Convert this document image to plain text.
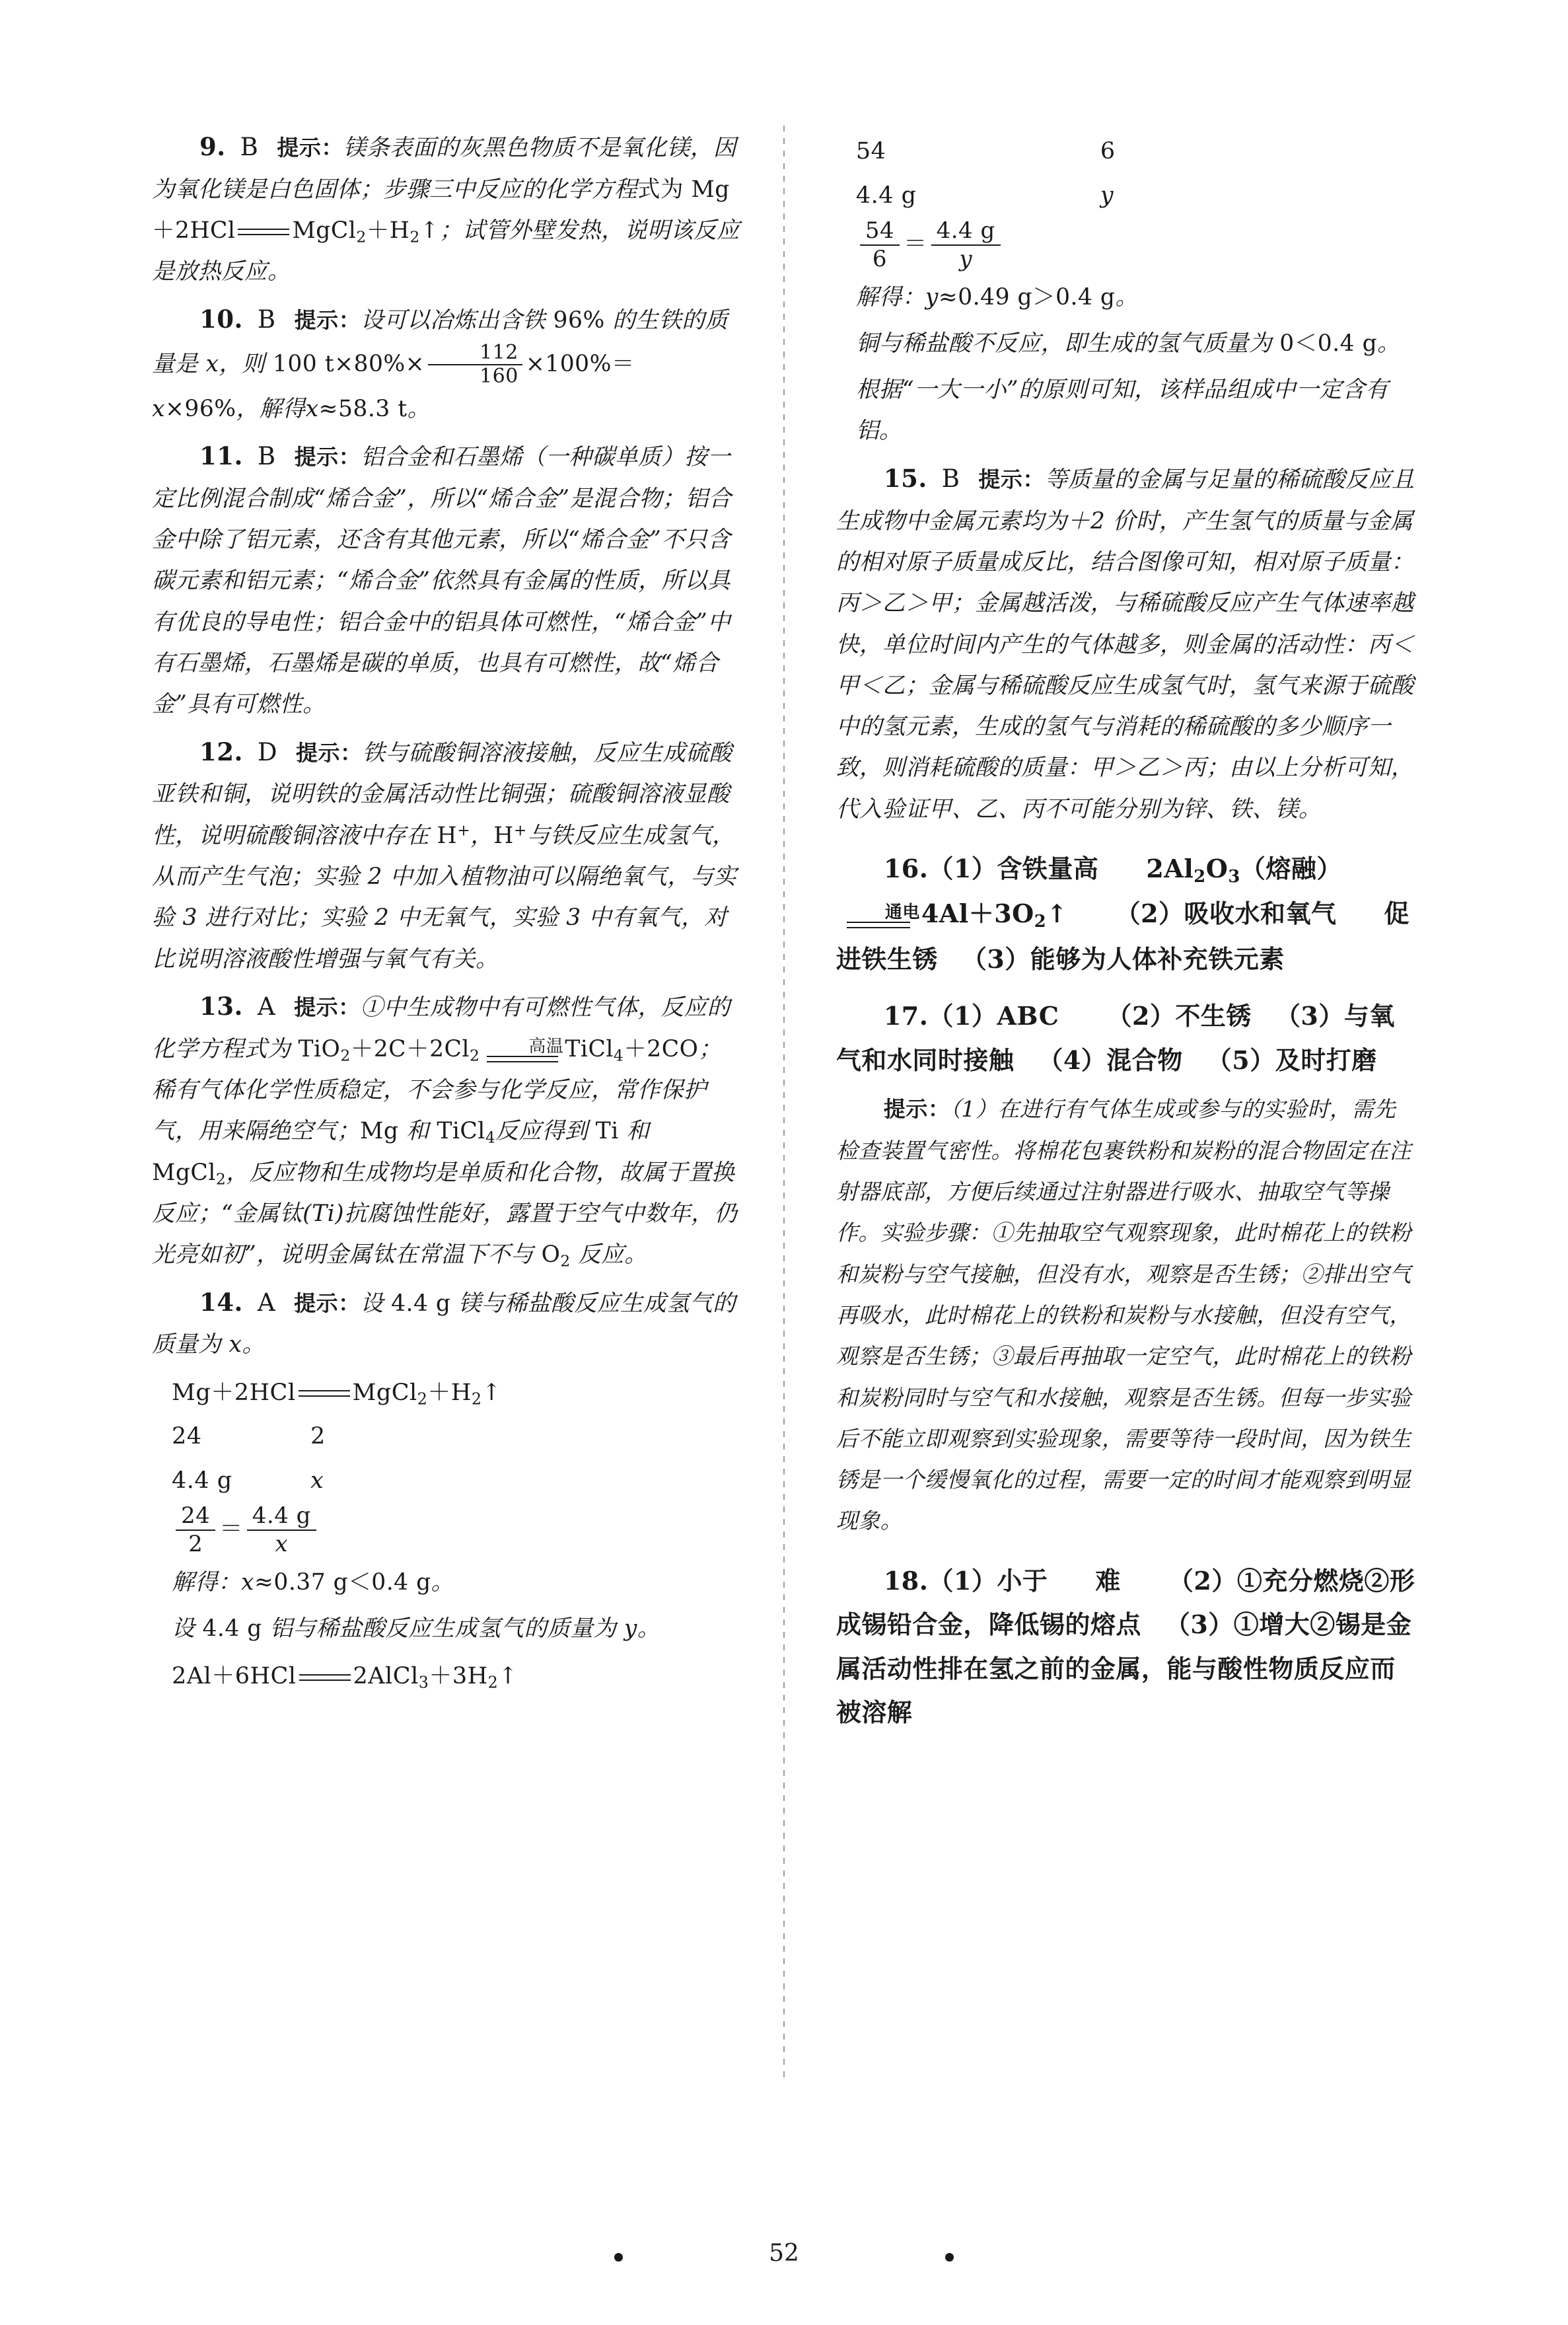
9. B 提示：镁条表面的灰黑色物质不是氧化镁，因为氧化镁是白色固体；步骤三中反应的化学方程式为 Mg＋2HCl $MgCl_2+H_2↑$；试管外壁发热，说明该反应是放热反应。
10. B 提示：设可以冶炼出含铁 96% 的生铁的质量是 x，则 100 $t\times 80\%\times \frac{112}{160} \times 100\%=x\times 96\%$，解得x≈58.3 t。
11. B 提示：铝合金和石墨烯（一种碳单质）按一定比例混合制成“烯合金”，所以“烯合金”是混合物；铝合金中除了铝元素，还含有其他元素，所以“烯合金”不只含碳元素和铝元素；“烯合金”依然具有金属的性质，所以具有优良的导电性；铝合金中的铝具体可燃性，“烯合金”中有石墨烯，石墨烯是碳的单质，也具有可燃性，故“烯合金”具有可燃性。
12. D 提示：铁与硫酸铜溶液接触，反应生成硫酸亚铁和铜，说明铁的金属活动性比铜强；硫酸铜溶液显酸性，说明硫酸铜溶液中存在 H+，H+与铁反应生成氢气，从而产生气泡；实验 2 中加入植物油可以隔绝氧气，与实验 3 进行对比；实验 2 中无氧气，实验 3 中有氧气，对比说明溶液酸性增强与氧气有关。
13. A 提示：①中生成物中有可燃性气体，反应的化学方程式为 $TiO_2+2C+2Cl_2$	高温 TiCl$_4$＋2CO；稀有气体化学性质稳定，不会参与化学反应，常作保护气，用来隔绝空气；Mg 和 TiCl$_4$反应得到 Ti 和 MgCl$_2$，反应物和生成物均是单质和化合物，故属于置换反应；“金属钛(Ti)抗腐蚀性能好，露置于空气中数年，仍光亮如初”，说明金属钛在常温下不与 $O_2$ 反应。
14. A 提示：设 4.4 g 镁与稀盐酸反应生成氢气的质量为 x。
Mg＋2HCl $MgCl_2+H_2↑$
24	2
4.4 g	x
$\frac{24}{2} = \frac{4.4 g}{x}$
解得：x≈0.37 g＜0.4 g。
设 4.4 g 铝与稀盐酸反应生成氢气的质量为 y。
2Al＋6HCl $2AlCl_3+3H_2↑$
54	6
4.4 g	y
$\frac{54}{6} = \frac{4.4 g}{y}$
解得：y≈0.49 g＞0.4 g。
铜与稀盐酸不反应，即生成的氢气质量为 0＜0.4 g。
根据“一大一小”的原则可知，该样品组成中一定含有铝。
15. B 提示：等质量的金属与足量的稀硫酸反应且生成物中金属元素均为＋2 价时，产生氢气的质量与金属的相对原子质量成反比，结合图像可知，相对原子质量：丙＞乙＞甲；金属越活泼，与稀硫酸反应产生气体速率越快，单位时间内产生的气体越多，则金属的活动性：丙＜甲＜乙；金属与稀硫酸反应生成氢气时，氢气来源于硫酸中的氢元素，生成的氢气与消耗的稀硫酸的多少顺序一致，则消耗硫酸的质量：甲＞乙＞丙；由以上分析可知，代入验证甲、乙、丙不可能分别为锌、铁、镁。
16.（1）含铁量高 $2Al_2O_3$（熔融）
通电 $4Al+3O_2↑$ （2）吸收水和氧气 促进铁生锈 （3）能够为人体补充铁元素
17.（1）ABC （2）不生锈 （3）与氧气和水同时接触 （4）混合物 （5）及时打磨
提示：（1）在进行有气体生成或参与的实验时，需先检查装置气密性。将棉花包裹铁粉和炭粉的混合物固定在注射器底部，方便后续通过注射器进行吸水、抽取空气等操作。实验步骤：①先抽取空气观察现象，此时棉花上的铁粉和炭粉与空气接触，但没有水，观察是否生锈；②排出空气再吸水，此时棉花上的铁粉和炭粉与水接触，但没有空气，观察是否生锈；③最后再抽取一定空气，此时棉花上的铁粉和炭粉同时与空气和水接触，观察是否生锈。但每一步实验后不能立即观察到实验现象，需要等待一段时间，因为铁生锈是一个缓慢氧化的过程，需要一定的时间才能观察到明显现象。
18.（1）小于 难 （2）①充分燃烧②形成锡铅合金，降低锡的熔点 （3）①增大②锡是金属活动性排在氢之前的金属，能与酸性物质反应而被溶解
52
